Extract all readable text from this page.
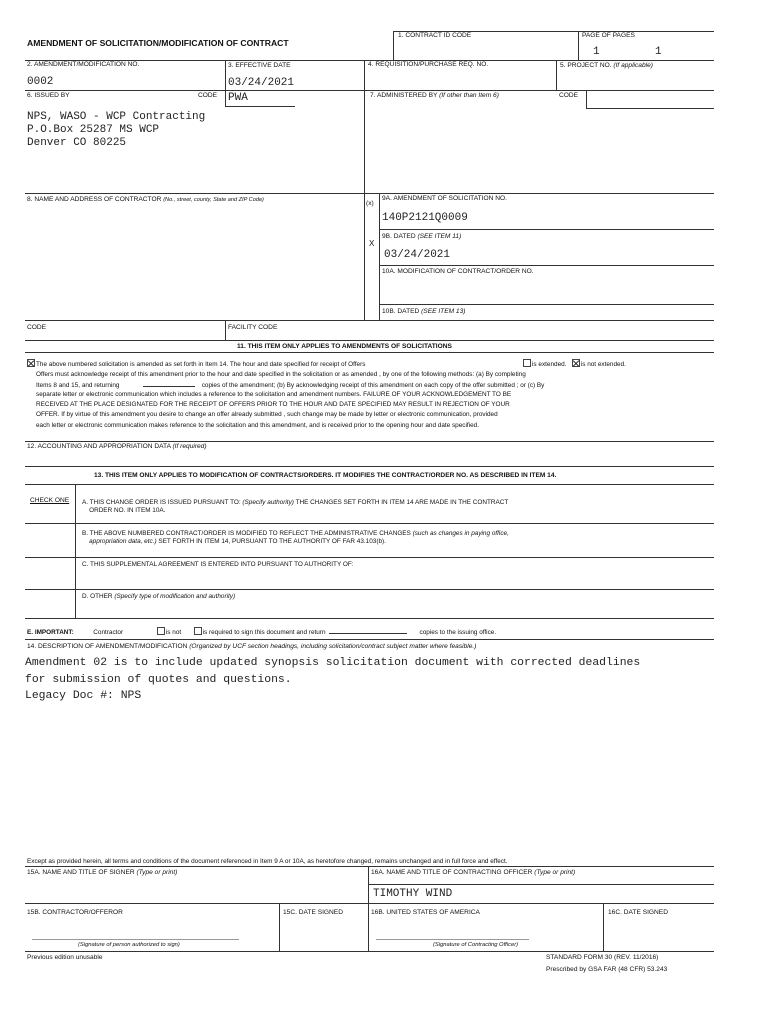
AMENDMENT OF SOLICITATION/MODIFICATION OF CONTRACT
1. CONTRACT ID CODE	PAGE OF PAGES
1	1
2. AMENDMENT/MODIFICATION NO.
0002
3. EFFECTIVE DATE
03/24/2021
4. REQUISITION/PURCHASE REQ. NO.	5. PROJECT NO. (If applicable)
6. ISSUED BY	CODE PWA
NPS, WASO - WCP Contracting
P.O.Box 25287 MS WCP
Denver CO 80225
7. ADMINISTERED BY (If other than Item 6)	CODE
8. NAME AND ADDRESS OF CONTRACTOR (No., street, county, State and ZIP Code)	(x)
9A. AMENDMENT OF SOLICITATION NO.
140P2121Q0009
9B. DATED (SEE ITEM 11)
X
03/24/2021
10A. MODIFICATION OF CONTRACT/ORDER NO.
10B. DATED (SEE ITEM 13)
CODE	FACILITY CODE
11. THIS ITEM ONLY APPLIES TO AMENDMENTS OF SOLICITATIONS
The above numbered solicitation is amended as set forth in Item 14. The hour and date specified for receipt of Offers	is extended. is not extended.
Offers must acknowledge receipt of this amendment prior to the hour and date specified in the solicitation or as amended , by one of the following methods: (a) By completing
Items 8 and 15, and returning	copies of the amendment; (b) By acknowledging receipt of this amendment on each copy of the offer submitted ; or (c) By
separate letter or electronic communication which includes a reference to the solicitation and amendment numbers. FAILURE OF YOUR ACKNOWLEDGEMENT TO BE
RECEIVED AT THE PLACE DESIGNATED FOR THE RECEIPT OF OFFERS PRIOR TO THE HOUR AND DATE SPECIFIED MAY RESULT IN REJECTION OF YOUR
OFFER. If by virtue of this amendment you desire to change an offer already submitted , such change may be made by letter or electronic communication, provided
each letter or electronic communication makes reference to the solicitation and this amendment, and is received prior to the opening hour and date specified.
12. ACCOUNTING AND APPROPRIATION DATA (If required)
13. THIS ITEM ONLY APPLIES TO MODIFICATION OF CONTRACTS/ORDERS. IT MODIFIES THE CONTRACT/ORDER NO. AS DESCRIBED IN ITEM 14.
CHECK ONE A. THIS CHANGE ORDER IS ISSUED PURSUANT TO: (Specify authority) THE CHANGES SET FORTH IN ITEM 14 ARE MADE IN THE CONTRACT
ORDER NO. IN ITEM 10A.
B. THE ABOVE NUMBERED CONTRACT/ORDER IS MODIFIED TO REFLECT THE ADMINISTRATIVE CHANGES (such as changes in paying office,
appropriation data, etc.) SET FORTH IN ITEM 14, PURSUANT TO THE AUTHORITY OF FAR 43.103(b).
C. THIS SUPPLEMENTAL AGREEMENT IS ENTERED INTO PURSUANT TO AUTHORITY OF:
D. OTHER (Specify type of modification and authority)
E. IMPORTANT:	Contractor	is not	is required to sign this document and return	copies to the issuing office.
14. DESCRIPTION OF AMENDMENT/MODIFICATION (Organized by UCF section headings, including solicitation/contract subject matter where feasible.)
Amendment 02 is to include updated synopsis solicitation document with corrected deadlines
for submission of quotes and questions.
Legacy Doc #: NPS
Except as provided herein, all terms and conditions of the document referenced in Item 9 A or 10A, as heretofore changed, remains unchanged and in full force and effect.
15A. NAME AND TITLE OF SIGNER (Type or print)	16A. NAME AND TITLE OF CONTRACTING OFFICER (Type or print)
TIMOTHY WIND
15B. CONTRACTOR/OFFEROR	15C. DATE SIGNED	16B. UNITED STATES OF AMERICA	16C. DATE SIGNED
(Signature of person authorized to sign)	(Signature of Contracting Officer)
Previous edition unusable	STANDARD FORM 30 (REV. 11/2016)
Prescribed by GSA FAR (48 CFR) 53.243
